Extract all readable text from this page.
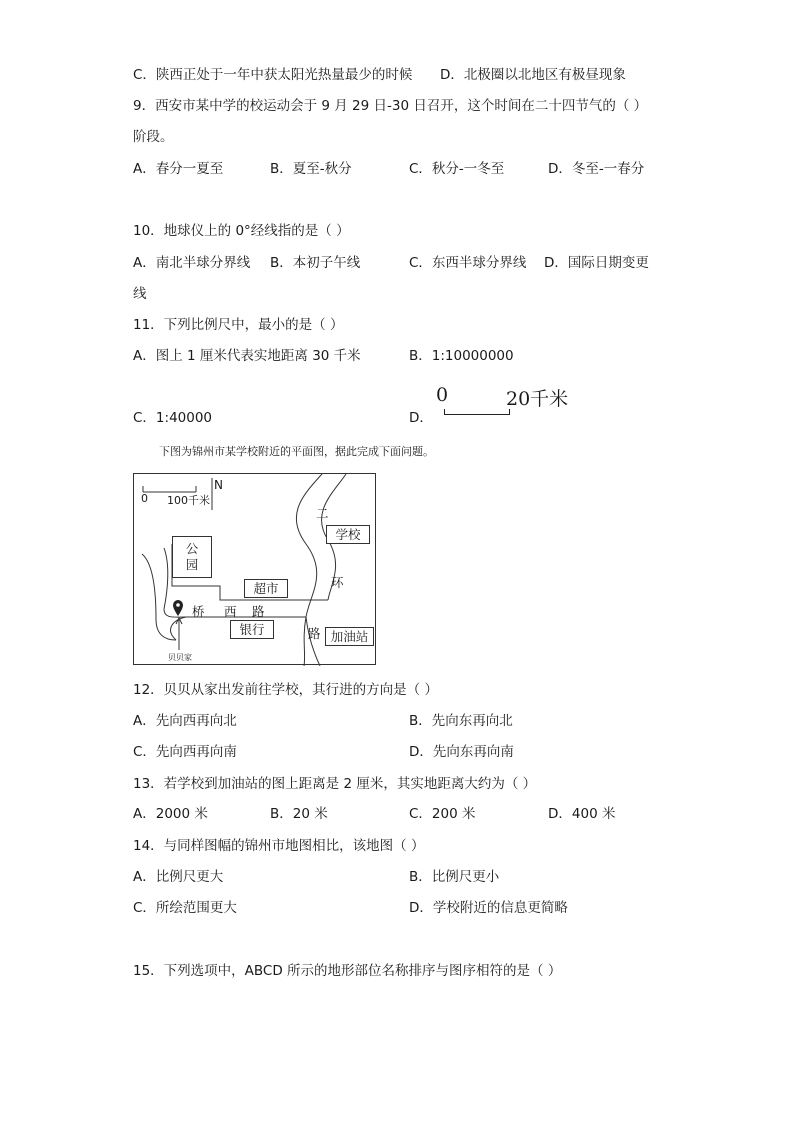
C．陕西正处于一年中获太阳光热量最少的时候 D．北极圈以北地区有极昼现象
9．西安市某中学的校运动会于 9 月 29 日-30 日召开，这个时间在二十四节气的（ ）
阶段。
A．春分一夏至	B．夏至-秋分	C．秋分-一冬至	D．冬至-一春分
10．地球仪上的 0°经线指的是（ ）
A．南北半球分界线 B．本初子午线	C．东西半球分界线 D．国际日期变更
线
11．下列比例尺中，最小的是（ ）
A．图上 1 厘米代表实地距离 30 千米	B．1:10000000
C．1:40000	D．
0	20千米
下图为锦州市某学校附近的平面图，据此完成下面问题。
0 100千米
N
公
园
学校
超市
银行	加油站
桥 西 路
二
环
路
贝贝家
12．贝贝从家出发前往学校，其行进的方向是（ ）
A．先向西再向北	B．先向东再向北
C．先向西再向南	D．先向东再向南
13．若学校到加油站的图上距离是 2 厘米，其实地距离大约为（ ）
A．2000 米	B．20 米	C．200 米	D．400 米
14．与同样图幅的锦州市地图相比，该地图（ ）
A．比例尺更大	B．比例尺更小
C．所绘范围更大	D．学校附近的信息更简略
15．下列选项中，ABCD 所示的地形部位名称排序与图序相符的是（ ）
